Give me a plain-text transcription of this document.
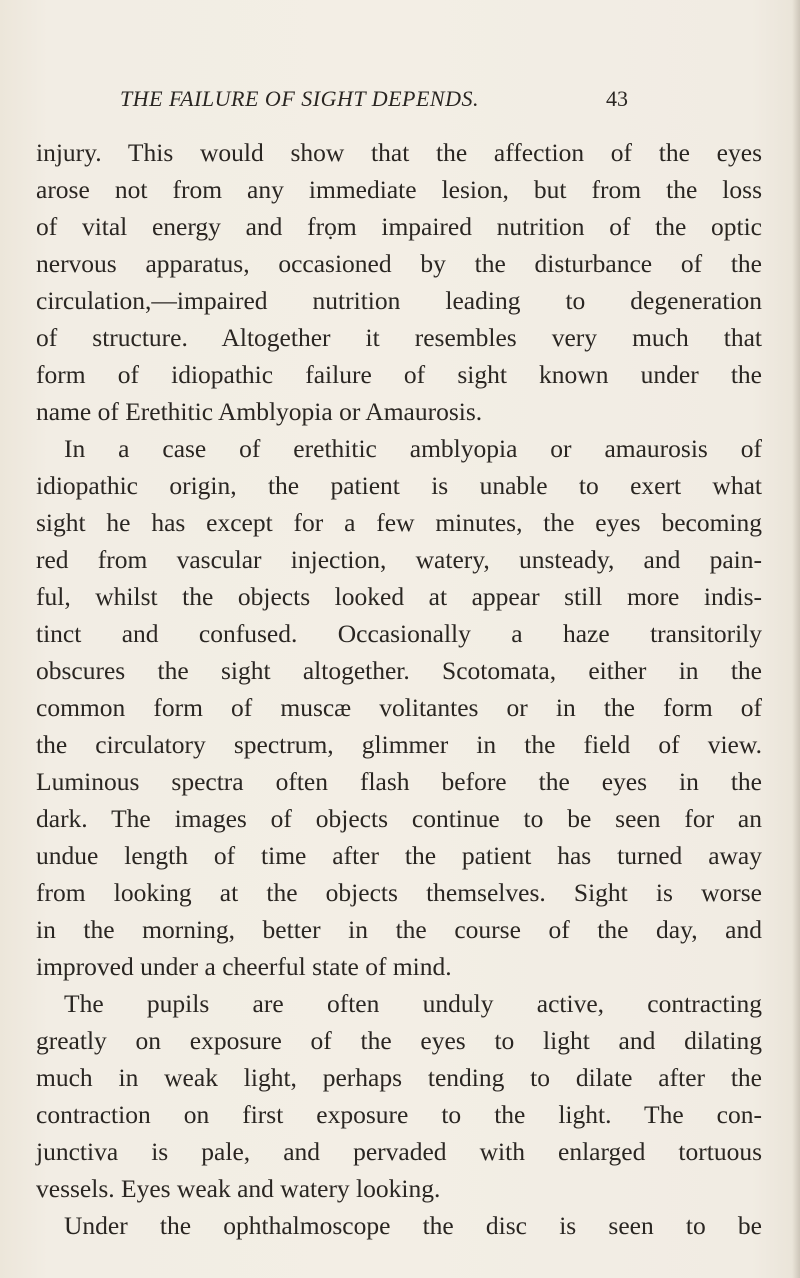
THE FAILURE OF SIGHT DEPENDS.	43
injury. This would show that the affection of the eyes
arose not from any immediate lesion, but from the loss
of vital energy and frọm impaired nutrition of the optic
nervous apparatus, occasioned by the disturbance of the
circulation,—impaired nutrition leading to degeneration
of structure. Altogether it resembles very much that
form of idiopathic failure of sight known under the
name of Erethitic Amblyopia or Amaurosis.
In a case of erethitic amblyopia or amaurosis of
idiopathic origin, the patient is unable to exert what
sight he has except for a few minutes, the eyes becoming
red from vascular injection, watery, unsteady, and pain-
ful, whilst the objects looked at appear still more indis-
tinct and confused. Occasionally a haze transitorily
obscures the sight altogether. Scotomata, either in the
common form of muscæ volitantes or in the form of
the circulatory spectrum, glimmer in the field of view.
Luminous spectra often flash before the eyes in the
dark. The images of objects continue to be seen for an
undue length of time after the patient has turned away
from looking at the objects themselves. Sight is worse
in the morning, better in the course of the day, and
improved under a cheerful state of mind.
The pupils are often unduly active, contracting
greatly on exposure of the eyes to light and dilating
much in weak light, perhaps tending to dilate after the
contraction on first exposure to the light. The con-
junctiva is pale, and pervaded with enlarged tortuous
vessels. Eyes weak and watery looking.
Under the ophthalmoscope the disc is seen to be
